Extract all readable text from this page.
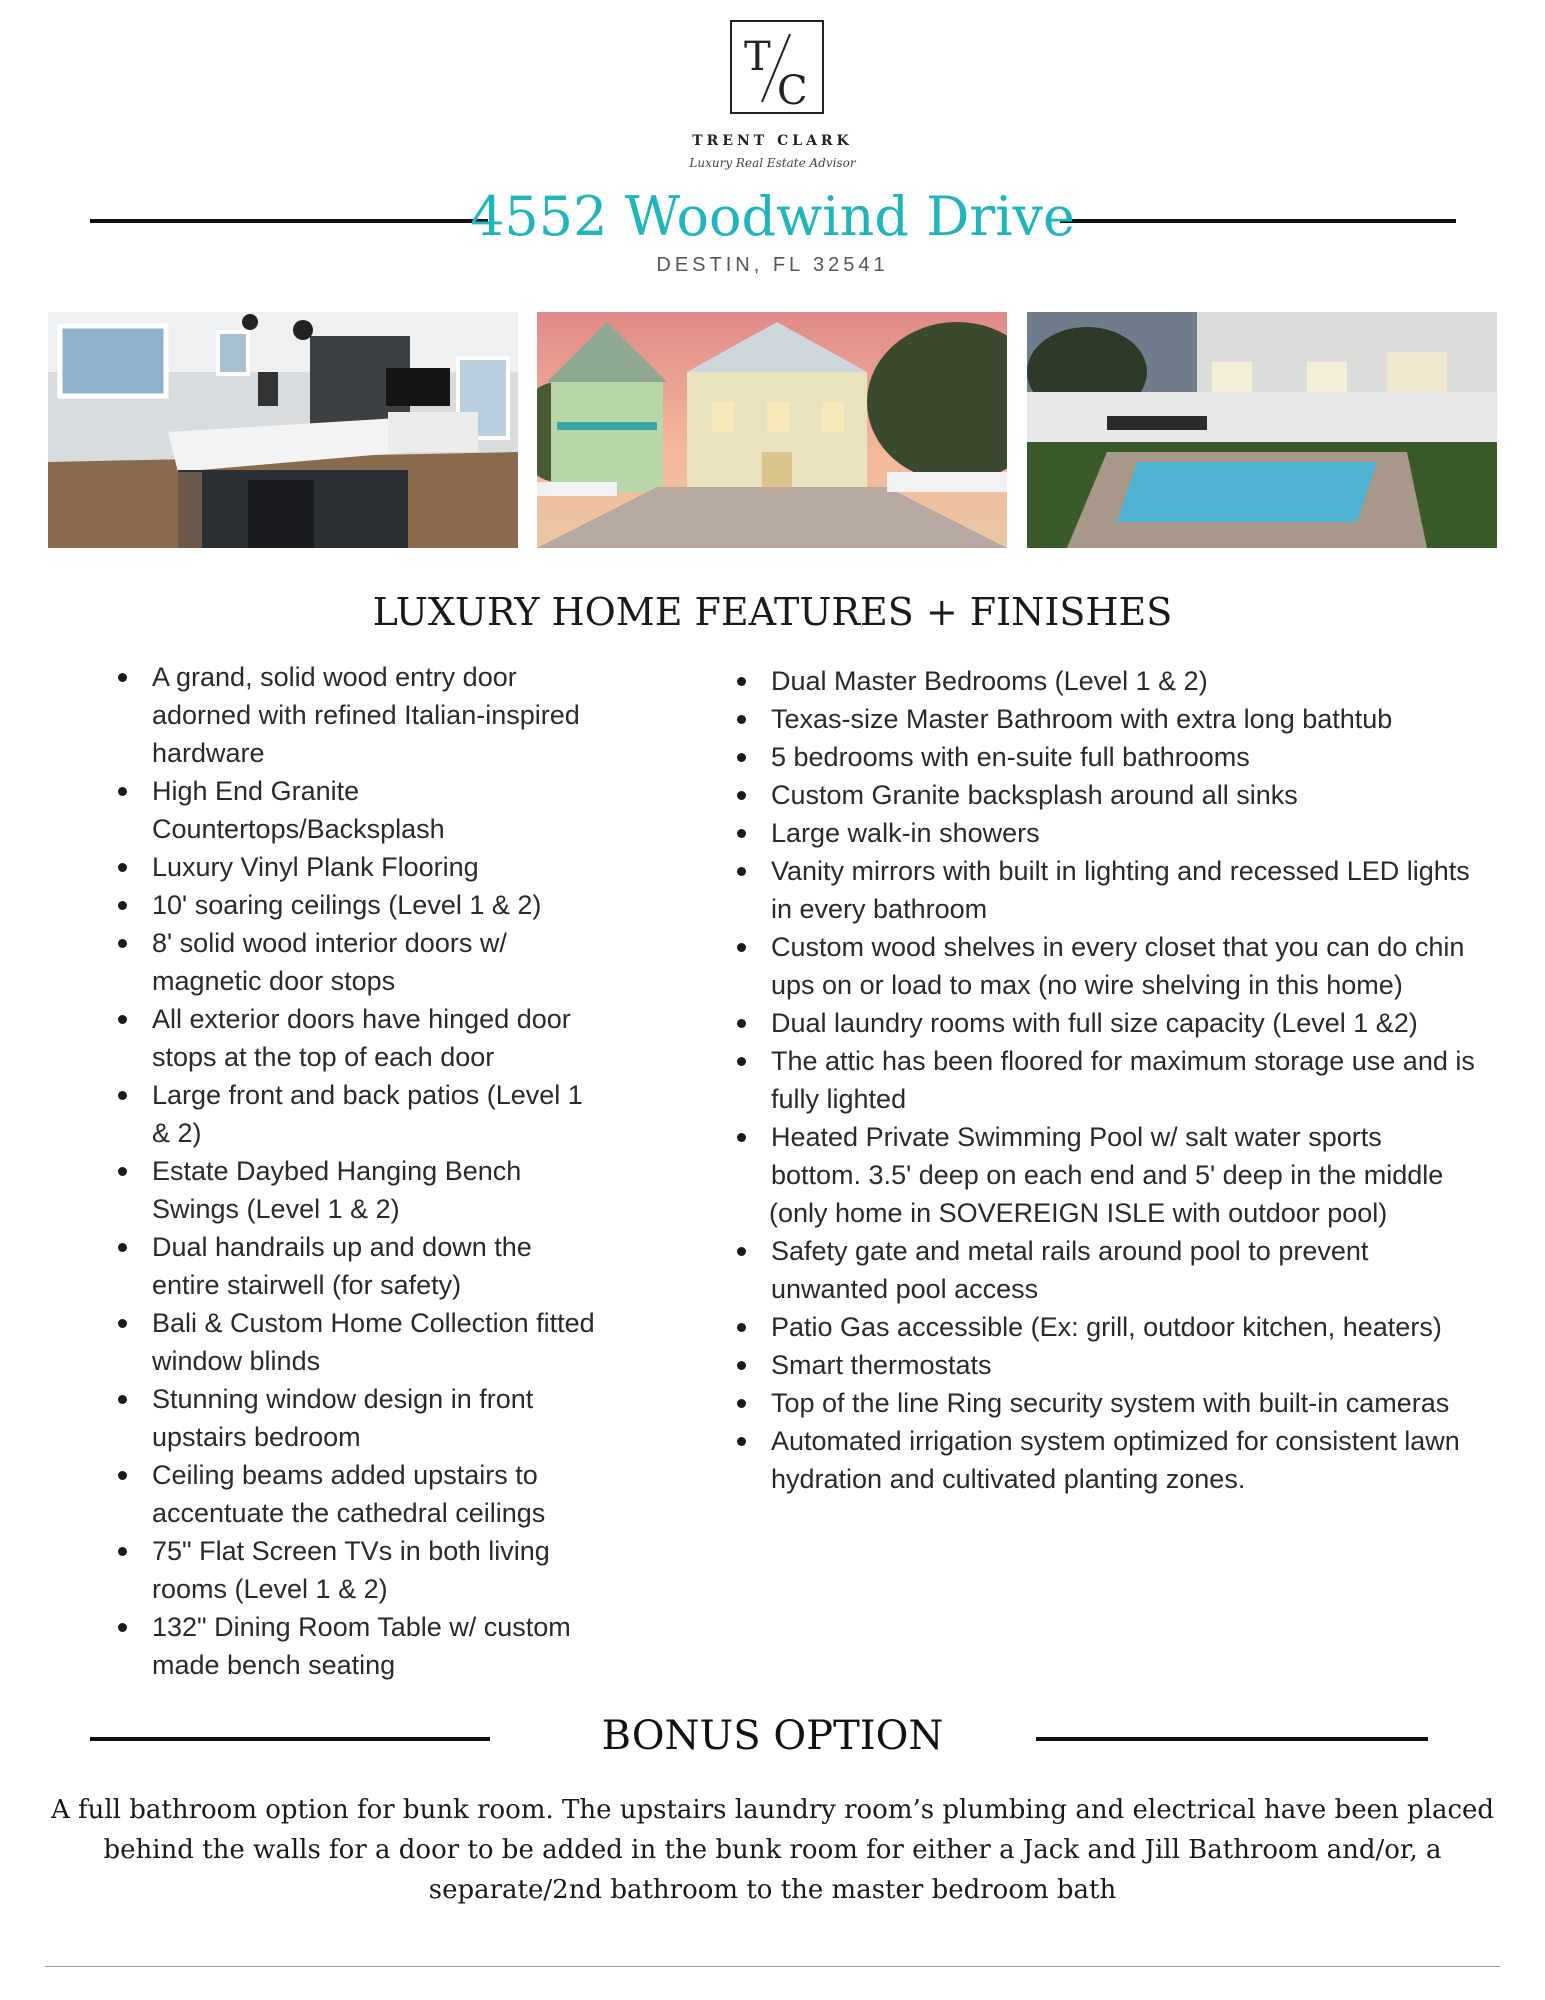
T
C
TRENT CLARK
Luxury Real Estate Advisor
4552 Woodwind Drive
DESTIN, FL 32541
LUXURY HOME FEATURES + FINISHES
A grand, solid wood entry door adorned with refined Italian-inspired hardware
High End Granite Countertops/Backsplash
Luxury Vinyl Plank Flooring
10' soaring ceilings (Level 1 & 2)
8' solid wood interior doors w/ magnetic door stops
All exterior doors have hinged door stops at the top of each door
Large front and back patios (Level 1 & 2)
Estate Daybed Hanging Bench Swings (Level 1 & 2)
Dual handrails up and down the entire stairwell (for safety)
Bali & Custom Home Collection fitted window blinds
Stunning window design in front upstairs bedroom
Ceiling beams added upstairs to accentuate the cathedral ceilings
75" Flat Screen TVs in both living rooms (Level 1 & 2)
132" Dining Room Table w/ custom made bench seating
Dual Master Bedrooms (Level 1 & 2)
Texas-size Master Bathroom with extra long bathtub
5 bedrooms with en-suite full bathrooms
Custom Granite backsplash around all sinks
Large walk-in showers
Vanity mirrors with built in lighting and recessed LED lights in every bathroom
Custom wood shelves in every closet that you can do chin ups on or load to max (no wire shelving in this home)
Dual laundry rooms with full size capacity (Level 1 &2)
The attic has been floored for maximum storage use and is fully lighted
Heated Private Swimming Pool w/ salt water sports bottom. 3.5' deep on each end and 5' deep in the middle
(only home in SOVEREIGN ISLE with outdoor pool)
Safety gate and metal rails around pool to prevent unwanted pool access
Patio Gas accessible (Ex: grill, outdoor kitchen, heaters)
Smart thermostats
Top of the line Ring security system with built-in cameras
Automated irrigation system optimized for consistent lawn hydration and cultivated planting zones.
BONUS OPTION
A full bathroom option for bunk room. The upstairs laundry room’s plumbing and electrical have been placed behind the walls for a door to be added in the bunk room for either a Jack and Jill Bathroom and/or, a separate/2nd bathroom to the master bedroom bath
